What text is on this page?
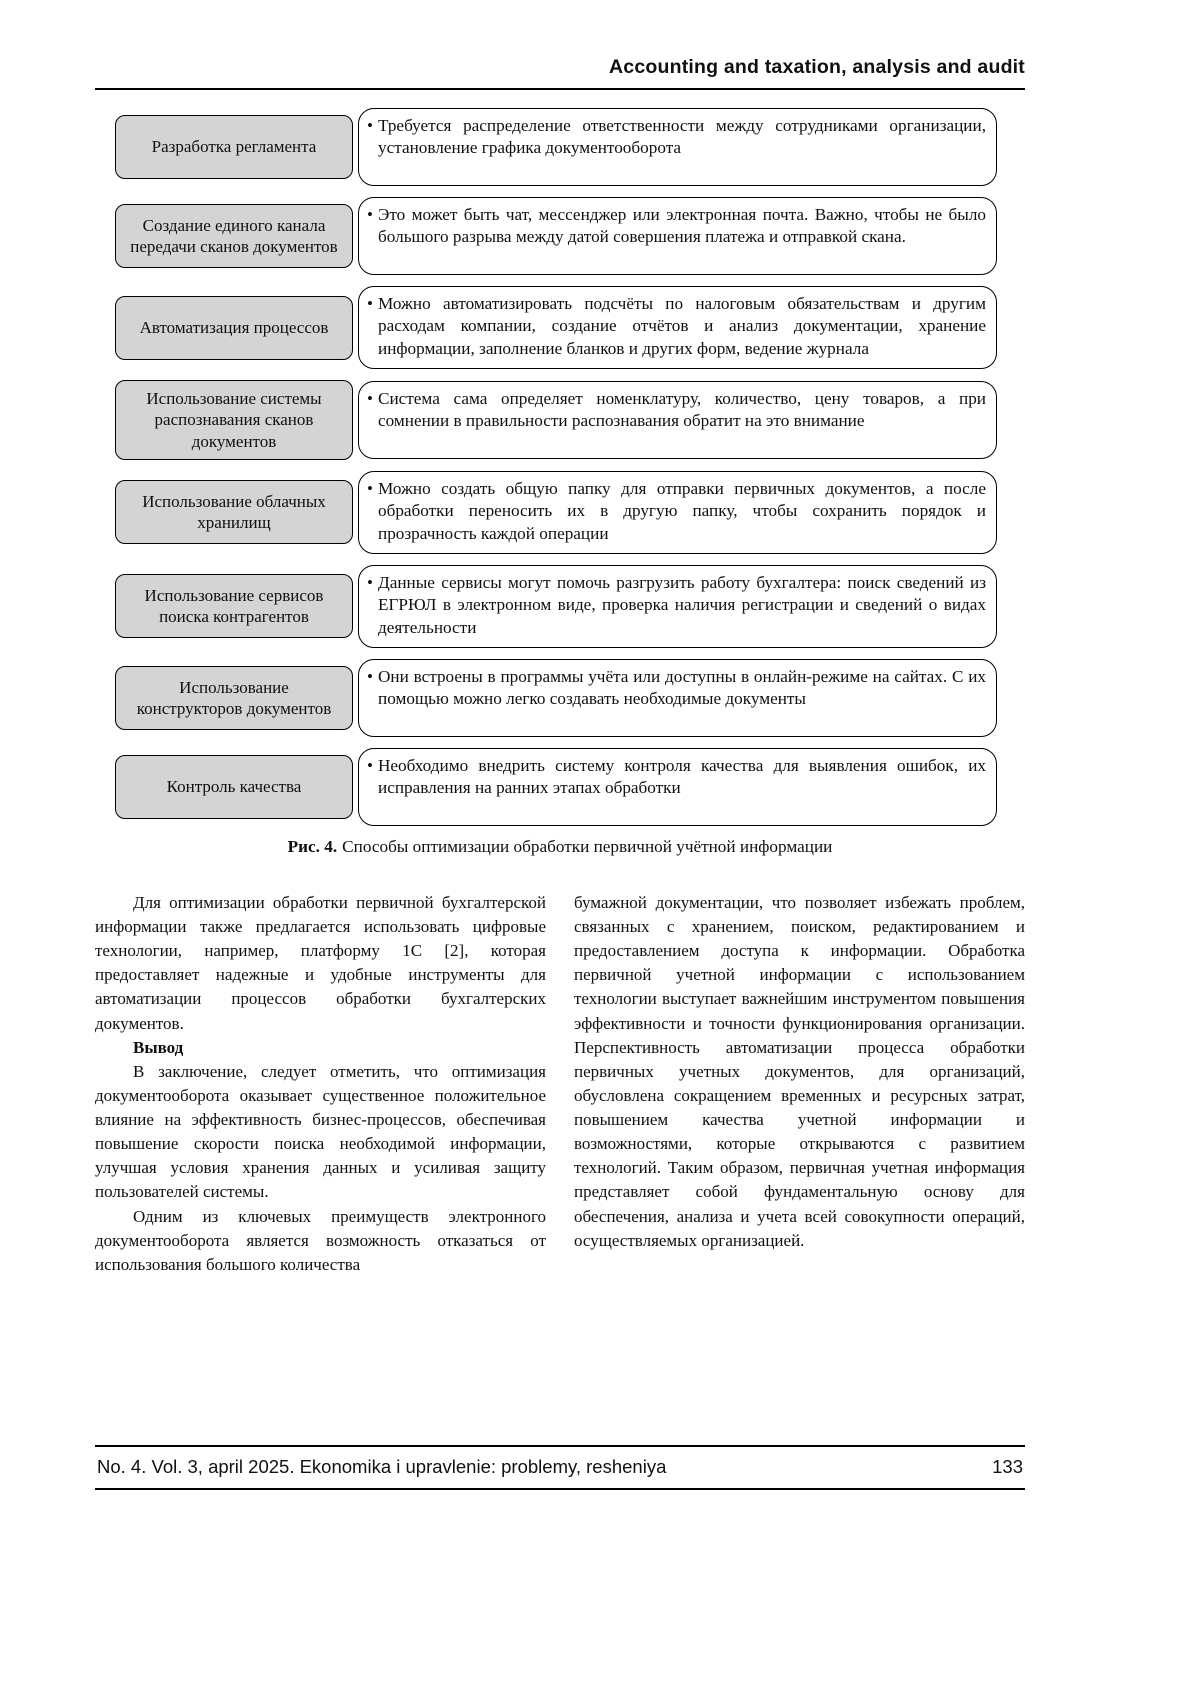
Accounting and taxation, analysis and audit
Разработка регламента
• Требуется распределение ответственности между сотрудниками организации, установление графика документооборота
Создание единого канала передачи сканов документов
• Это может быть чат, мессенджер или электронная почта. Важно, чтобы не было большого разрыва между датой совершения платежа и отправкой скана.
Автоматизация процессов
• Можно автоматизировать подсчёты по налоговым обязательствам и другим расходам компании, создание отчётов и анализ документации, хранение информации, заполнение бланков и других форм, ведение журнала
Использование системы распознавания сканов документов
• Система сама определяет номенклатуру, количество, цену товаров, а при сомнении в правильности распознавания обратит на это внимание
Использование облачных хранилищ
• Можно создать общую папку для отправки первичных документов, а после обработки переносить их в другую папку, чтобы сохранить порядок и прозрачность каждой операции
Использование сервисов поиска контрагентов
• Данные сервисы могут помочь разгрузить работу бухгалтера: поиск сведений из ЕГРЮЛ в электронном виде, проверка наличия регистрации и сведений о видах деятельности
Использование конструкторов документов
• Они встроены в программы учёта или доступны в онлайн-режиме на сайтах. С их помощью можно легко создавать необходимые документы
Контроль качества
• Необходимо внедрить систему контроля качества для выявления ошибок, их исправления на ранних этапах обработки
Рис. 4. Способы оптимизации обработки первичной учётной информации

Для оптимизации обработки первичной бухгалтерской информации также предлагается использовать цифровые технологии, например, платформу 1С [2], которая предоставляет надежные и удобные инструменты для автоматизации процессов обработки бухгалтерских документов.

Вывод

В заключение, следует отметить, что оптимизация документооборота оказывает существенное положительное влияние на эффективность бизнес-процессов, обеспечивая повышение скорости поиска необходимой информации, улучшая условия хранения данных и усиливая защиту пользователей системы.

Одним из ключевых преимуществ электронного документооборота является возможность отказаться от использования большого количества

бумажной документации, что позволяет избежать проблем, связанных с хранением, поиском, редактированием и предоставлением доступа к информации. Обработка первичной учетной информации с использованием технологии выступает важнейшим инструментом повышения эффективности и точности функционирования организации. Перспективность автоматизации процесса обработки первичных учетных документов, для организаций, обусловлена сокращением временных и ресурсных затрат, повышением качества учетной информации и возможностями, которые открываются с развитием технологий. Таким образом, первичная учетная информация представляет собой фундаментальную основу для обеспечения, анализа и учета всей совокупности операций, осуществляемых организацией.

No. 4. Vol. 3, april 2025. Ekonomika i upravlenie: problemy, resheniya	133
